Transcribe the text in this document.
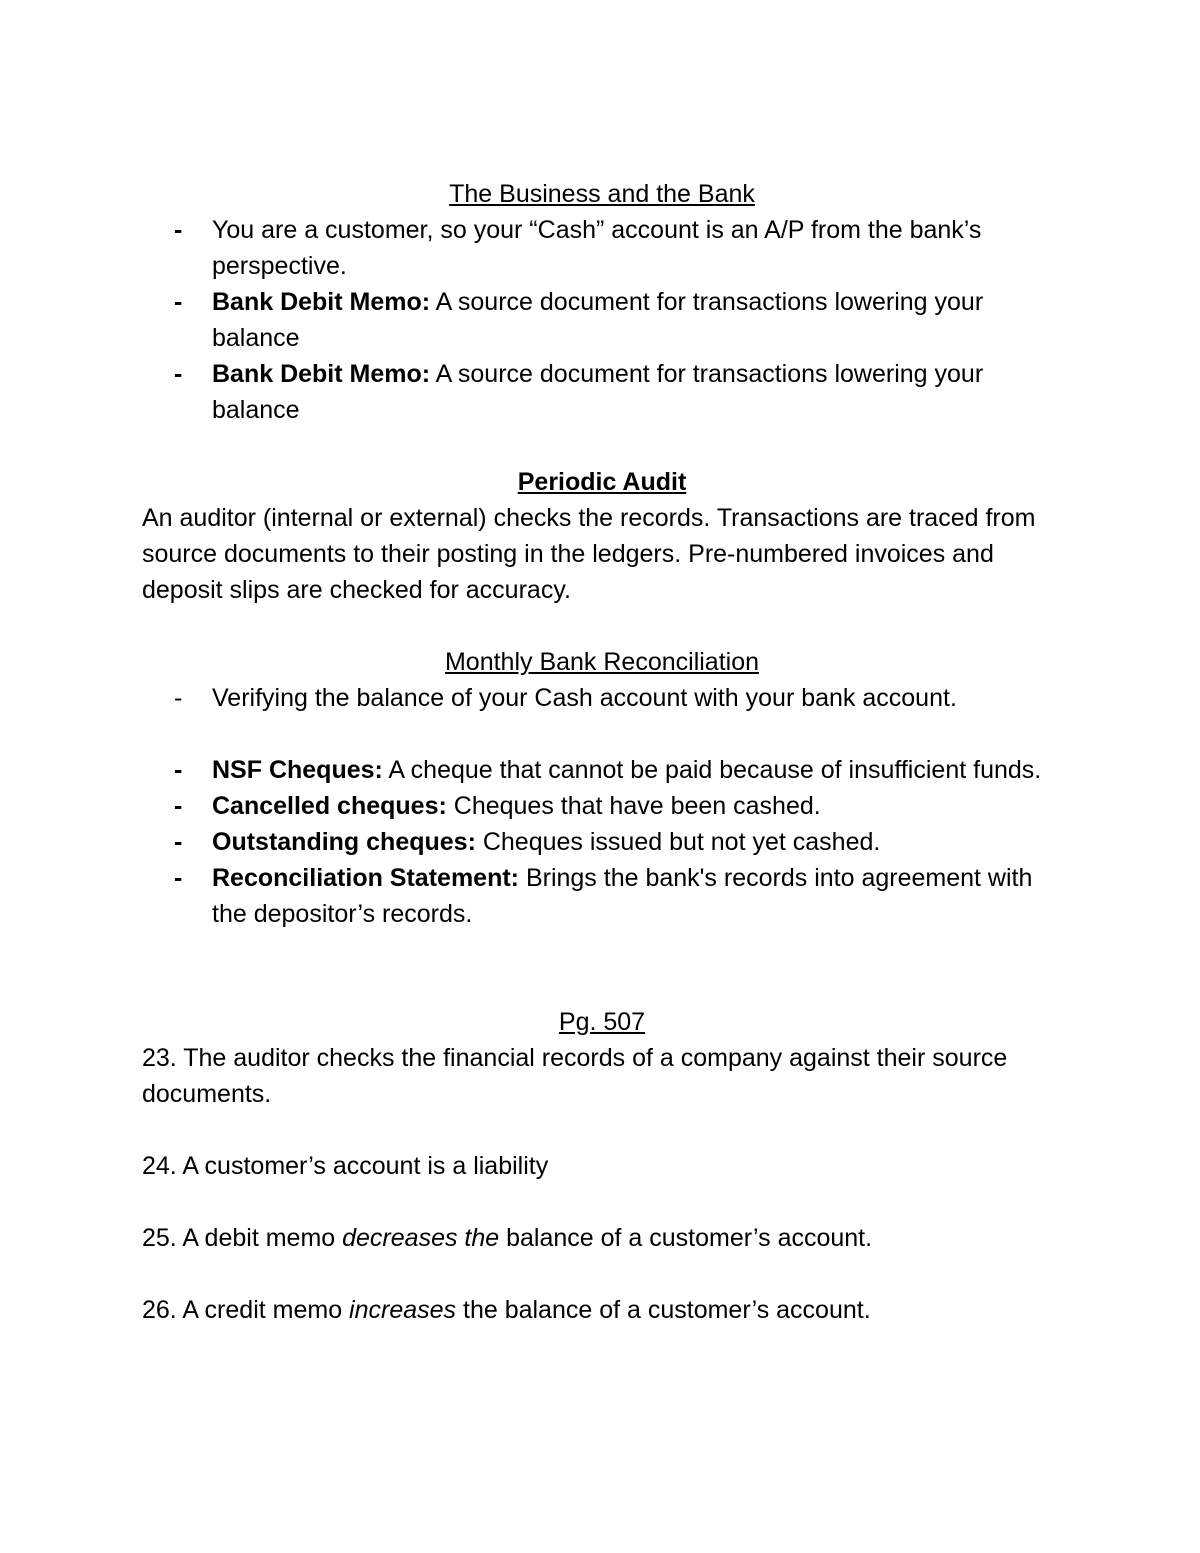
The Business and the Bank
- You are a customer, so your “Cash” account is an A/P from the bank’s perspective.
- Bank Debit Memo: A source document for transactions lowering your balance
- Bank Debit Memo: A source document for transactions lowering your balance
Periodic Audit

An auditor (internal or external) checks the records. Transactions are traced from source documents to their posting in the ledgers. Pre-numbered invoices and deposit slips are checked for accuracy.

Monthly Bank Reconciliation
- Verifying the balance of your Cash account with your bank account.
- NSF Cheques: A cheque that cannot be paid because of insufficient funds.
- Cancelled cheques: Cheques that have been cashed.
- Outstanding cheques: Cheques issued but not yet cashed.
- Reconciliation Statement: Brings the bank's records into agreement with the depositor’s records.
Pg. 507

23. The auditor checks the financial records of a company against their source documents.

24. A customer’s account is a liability

25. A debit memo decreases the balance of a customer’s account.

26. A credit memo increases the balance of a customer’s account.
